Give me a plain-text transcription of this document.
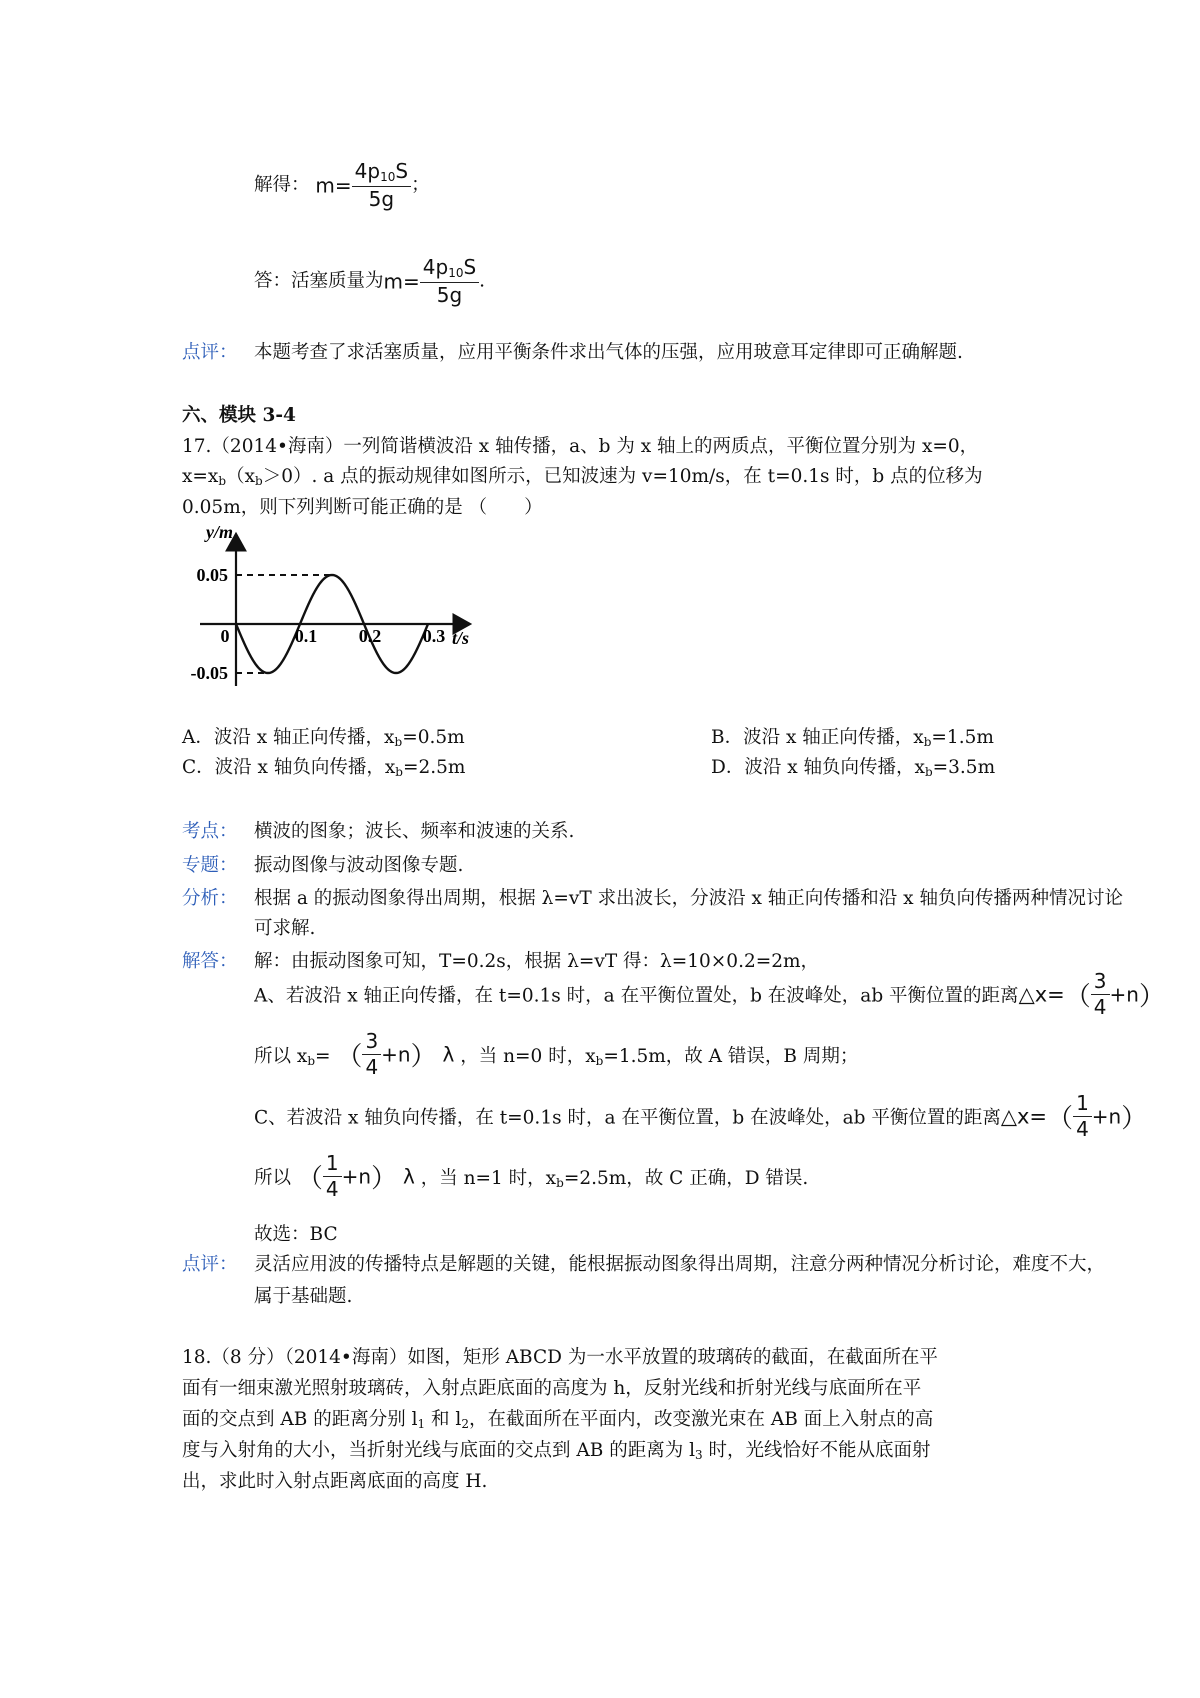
解得： $m= \frac{4p_{10}S}{5g}$ ；
答：活塞质量为$m= \frac{4p_{10}S}{5g}$ .
点评： 本题考查了求活塞质量，应用平衡条件求出气体的压强，应用玻意耳定律即可正确解题.
六、模块 3-4
17.（2014•海南）一列简谐横波沿 x 轴传播，a、b 为 x 轴上的两质点，平衡位置分别为 x=0，
$x=x_b(x_b>0)$. a 点的振动规律如图所示，已知波速为 v=10m/s，在 t=0.1s 时，b 点的位移为
0.05m，则下列判断可能正确的是 （　　）
0.05
-0.05
0	0.1 0.2 0.3
y/m
t/s
A．波沿 x 轴正向传播，$x_b=0.5m$	B．波沿 x 轴正向传播，$x_b=1.5m$
C．波沿 x 轴负向传播，$x_b=2.5m$	D．波沿 x 轴负向传播，$x_b=3.5m$
考点： 横波的图象；波长、频率和波速的关系.
专题： 振动图像与波动图像专题.
分析： 根据 a 的振动图象得出周期，根据 λ=vT 求出波长，分波沿 x 轴正向传播和沿 x 轴负向传播两种情况讨论
可求解.
解答： 解：由振动图象可知，T=0.2s，根据 λ=vT 得：λ=10×0.2=2m，
A、若波沿 x 轴正向传播，在 t=0.1s 时，a 在平衡位置处，b 在波峰处，ab 平衡位置的距离△x=（ $\frac{3}{4} +n$）
所以 $x_b=$ （ $\frac{3}{4} +n$） λ ，当 n=0 时，$x_b=1.5m$，故 A 错误，B 周期；
C、若波沿 x 轴负向传播，在 t=0.1s 时，a 在平衡位置，b 在波峰处，ab 平衡位置的距离△x=（ $\frac{1}{4} +n$）
所以 （ $\frac{1}{4} +n$） λ ，当 n=1 时，$x_b=2.5m$，故 C 正确，D 错误.
故选：BC
点评： 灵活应用波的传播特点是解题的关键，能根据振动图象得出周期，注意分两种情况分析讨论，难度不大，
属于基础题.
18.（8 分）（2014•海南）如图，矩形 ABCD 为一水平放置的玻璃砖的截面，在截面所在平
面有一细束激光照射玻璃砖，入射点距底面的高度为 h，反射光线和折射光线与底面所在平
面的交点到 AB 的距离分别 $l_1$ 和 $l_2$，在截面所在平面内，改变激光束在 AB 面上入射点的高
度与入射角的大小，当折射光线与底面的交点到 AB 的距离为 $l_3$ 时，光线恰好不能从底面射
出，求此时入射点距离底面的高度 H.
